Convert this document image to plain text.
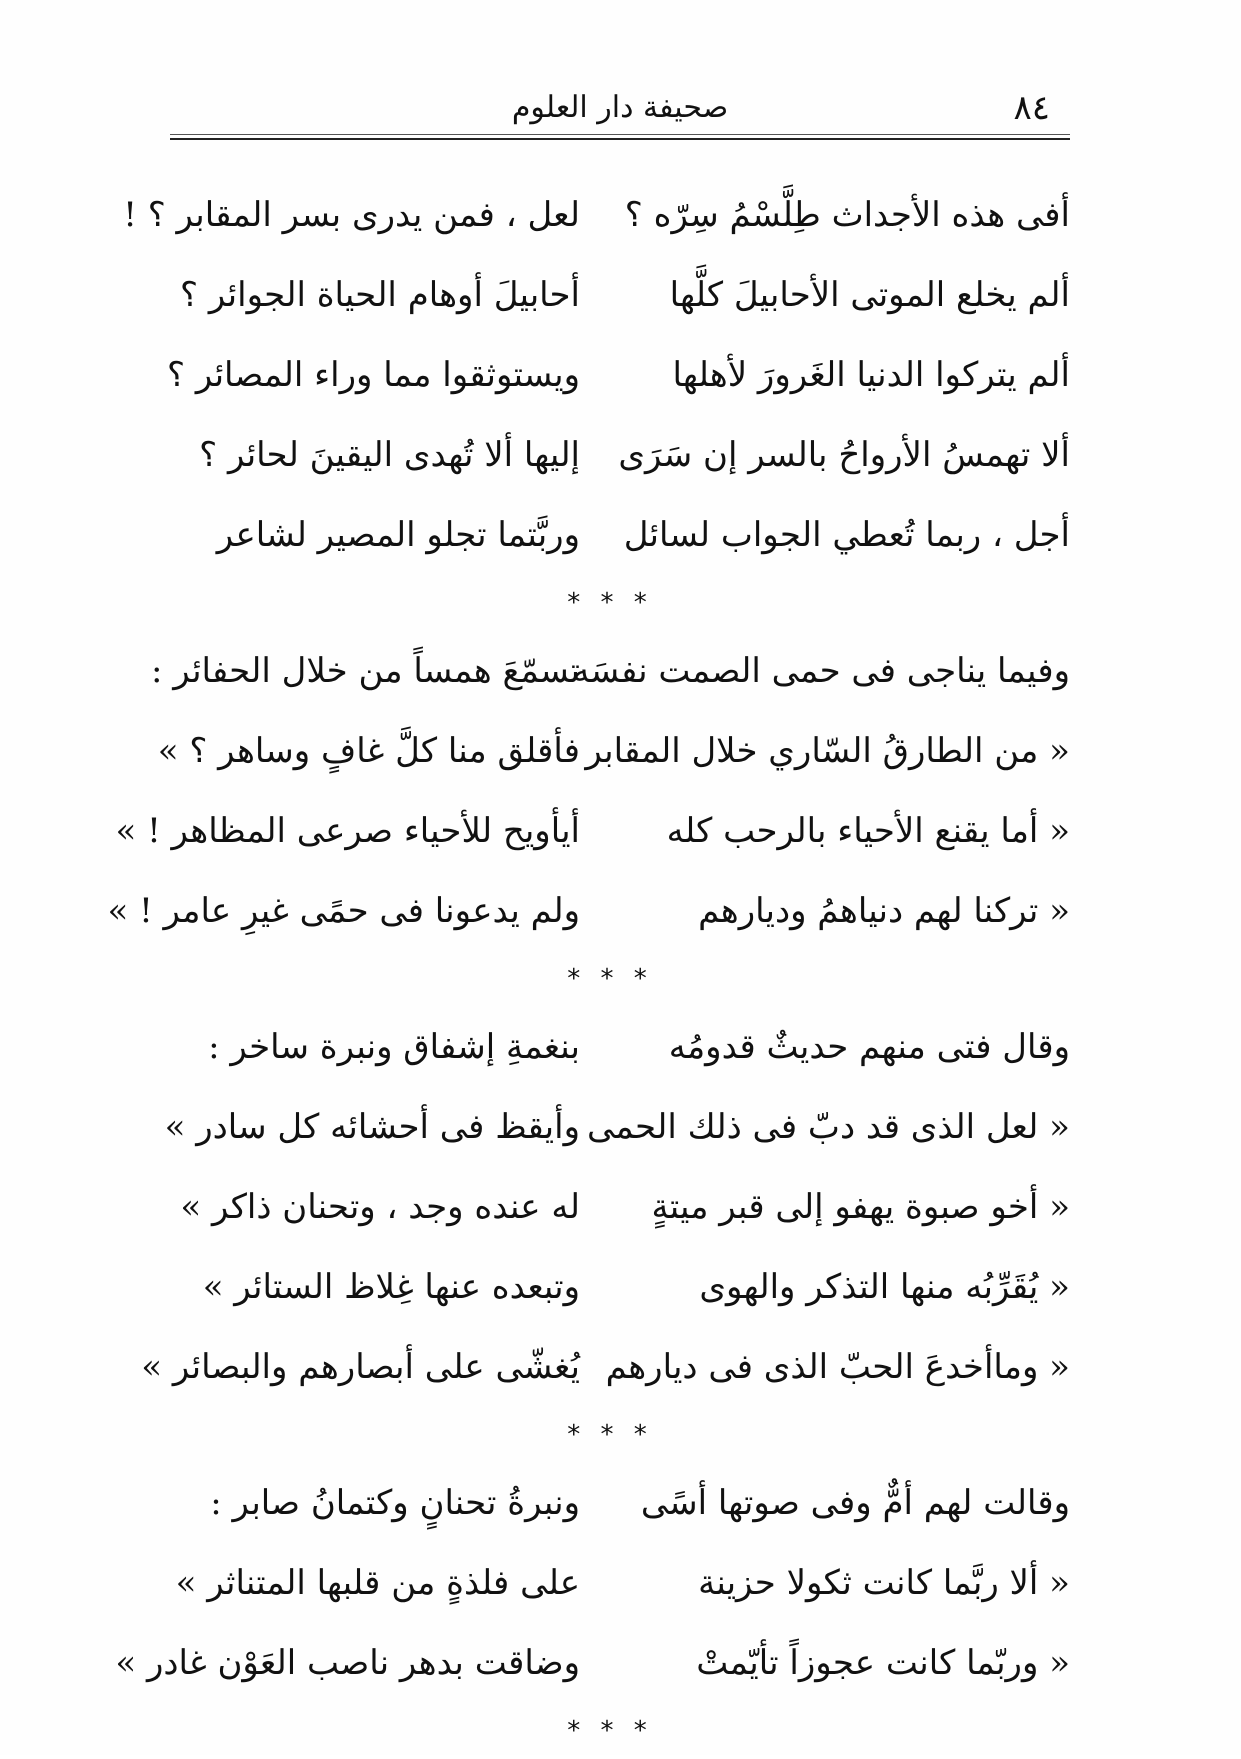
٨٤
صحيفة دار العلوم
أفى هذه الأجداث طِلَّسْمُ سِرّه ؟
لعل ، فمن يدرى بسر المقابر ؟ !
ألم يخلع الموتى الأحابيلَ كلَّها
أحابيلَ أوهام الحياة الجوائر ؟
ألم يتركوا الدنيا الغَرورَ لأهلها
ويستوثقوا مما وراء المصائر ؟
ألا تهمسُ الأرواحُ بالسر إن سَرَى
إليها ألا تُهدى اليقينَ لحائر ؟
أجل ، ربما تُعطي الجواب لسائل
وربَّتما تجلو المصير لشاعر
* * *
وفيما يناجى فى حمى الصمت نفسَه
تسمّعَ همساً من خلال الحفائر :
« من الطارقُ السّاري خلال المقابر
فأقلق منا كلَّ غافٍ وساهر ؟ »
« أما يقنع الأحياء بالرحب كله
أيأويح للأحياء صرعى المظاهر ! »
« تركنا لهم دنياهمُ وديارهم
ولم يدعونا فى حمًى غيرِ عامر ! »
* * *
وقال فتى منهم حديثٌ قدومُه
بنغمةِ إشفاق ونبرة ساخر :
« لعل الذى قد دبّ فى ذلك الحمى
وأيقظ فى أحشائه كل سادر »
« أخو صبوة يهفو إلى قبر ميتةٍ
له عنده وجد ، وتحنان ذاكر »
« يُقَرِّبُه منها التذكر والهوى
وتبعده عنها غِلاظ الستائر »
« وماأخدعَ الحبّ الذى فى ديارهم
يُغشّى على أبصارهم والبصائر »
* * *
وقالت لهم أمٌّ وفى صوتها أسًى
ونبرةُ تحنانٍ وكتمانُ صابر :
« ألا ربَّما كانت ثكولا حزينة
على فلذةٍ من قلبها المتناثر »
« وربّما كانت عجوزاً تأيّمتْ
وضاقت بدهر ناصب العَوْن غادر »
* * *
